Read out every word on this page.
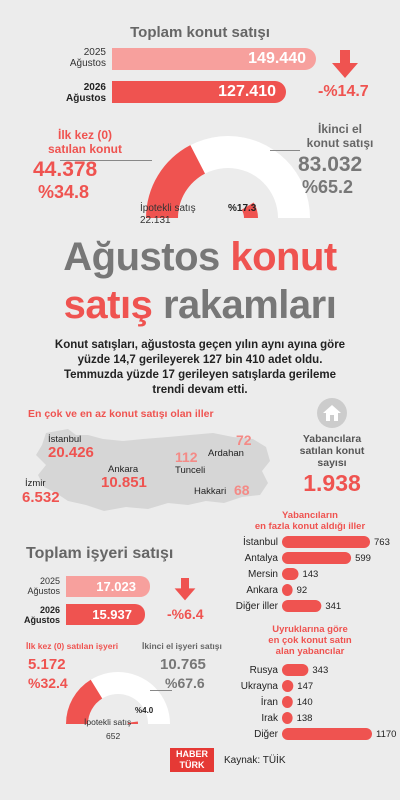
Toplam konut satışı
2025
Ağustos	149.440
2026
Ağustos	127.410	-%14.7
İlk kez (0)
satılan konut
44.378
%34.8
İkinci el
konut satışı
83.032
%65.2
İpotekli satış
22.131
%17.3
Ağustos konut
satış rakamları
Konut satışları, ağustosta geçen yılın aynı ayına göre
yüzde 14,7 gerileyerek 127 bin 410 adet oldu.
Temmuzda yüzde 17 gerileyen satışlarda gerileme
trendi devam etti.
En çok ve en az konut satışı olan iller
İstanbul
20.426
İzmir
6.532
Ankara
10.851
112
Tunceli
72
Ardahan
Hakkari 68
Yabancılara
satılan konut
sayısı
1.938
Yabancıların
en fazla konut aldığı iller
İstanbul	763
Antalya	599
Mersin	143
Ankara 92
Diğer iller	341
Uyruklarına göre
en çok konut satın
alan yabancılar
Rusya	343
Ukrayna 147
İran 140
Irak 138
Diğer	1170
Toplam işyeri satışı
2025
Ağustos	17.023
2026
Ağustos	15.937	-%6.4
İlk kez (0) satılan işyeri
5.172
%32.4
İkinci el işyeri satışı
10.765
%67.6
İpotekli satış
652
%4.0
HABER
TÜRK	Kaynak: TÜİK
